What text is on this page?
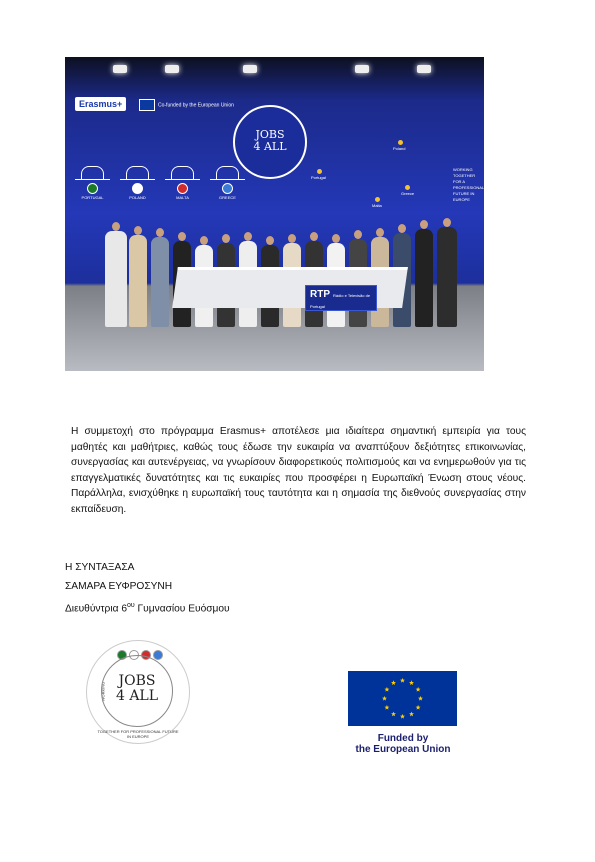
Erasmus+	Co-funded by the European Union
JOBS
4 ALL
PORTUGAL	POLAND	MALTA	GREECE
Poland
Portugal
Greece
Malta
WORKING TOGETHER FOR A PROFESSIONAL FUTURE IN EUROPE
RTP Rádio e Televisão de Portugal

Η συμμετοχή στο πρόγραμμα Erasmus+ αποτέλεσε μια ιδιαίτερα σημαντική εμπειρία για τους μαθητές και μαθήτριες, καθώς τους έδωσε την ευκαιρία να αναπτύξουν δεξιότητες επικοινωνίας, συνεργασίας και αυτενέργειας, να γνωρίσουν διαφορετικούς πολιτισμούς και να ενημερωθούν για τις επαγγελματικές δυνατότητες και τις ευκαιρίες που προσφέρει η Ευρωπαϊκή Ένωση στους νέους. Παράλληλα, ενισχύθηκε η ευρωπαϊκή τους ταυτότητα και η σημασία της διεθνούς συνεργασίας στην εκπαίδευση.

Η ΣΥΝΤΑΞΑΣΑ
ΣΑΜΑΡΑ ΕΥΦΡΟΣΥΝΗ
Διευθύντρια $6^{o\upsilon}$ Γυμνασίου Ευόσμου
WORKING
JOBS
4 ALL
TOGETHER FOR PROFESSIONAL FUTURE IN EUROPE	Funded by
the European Union
